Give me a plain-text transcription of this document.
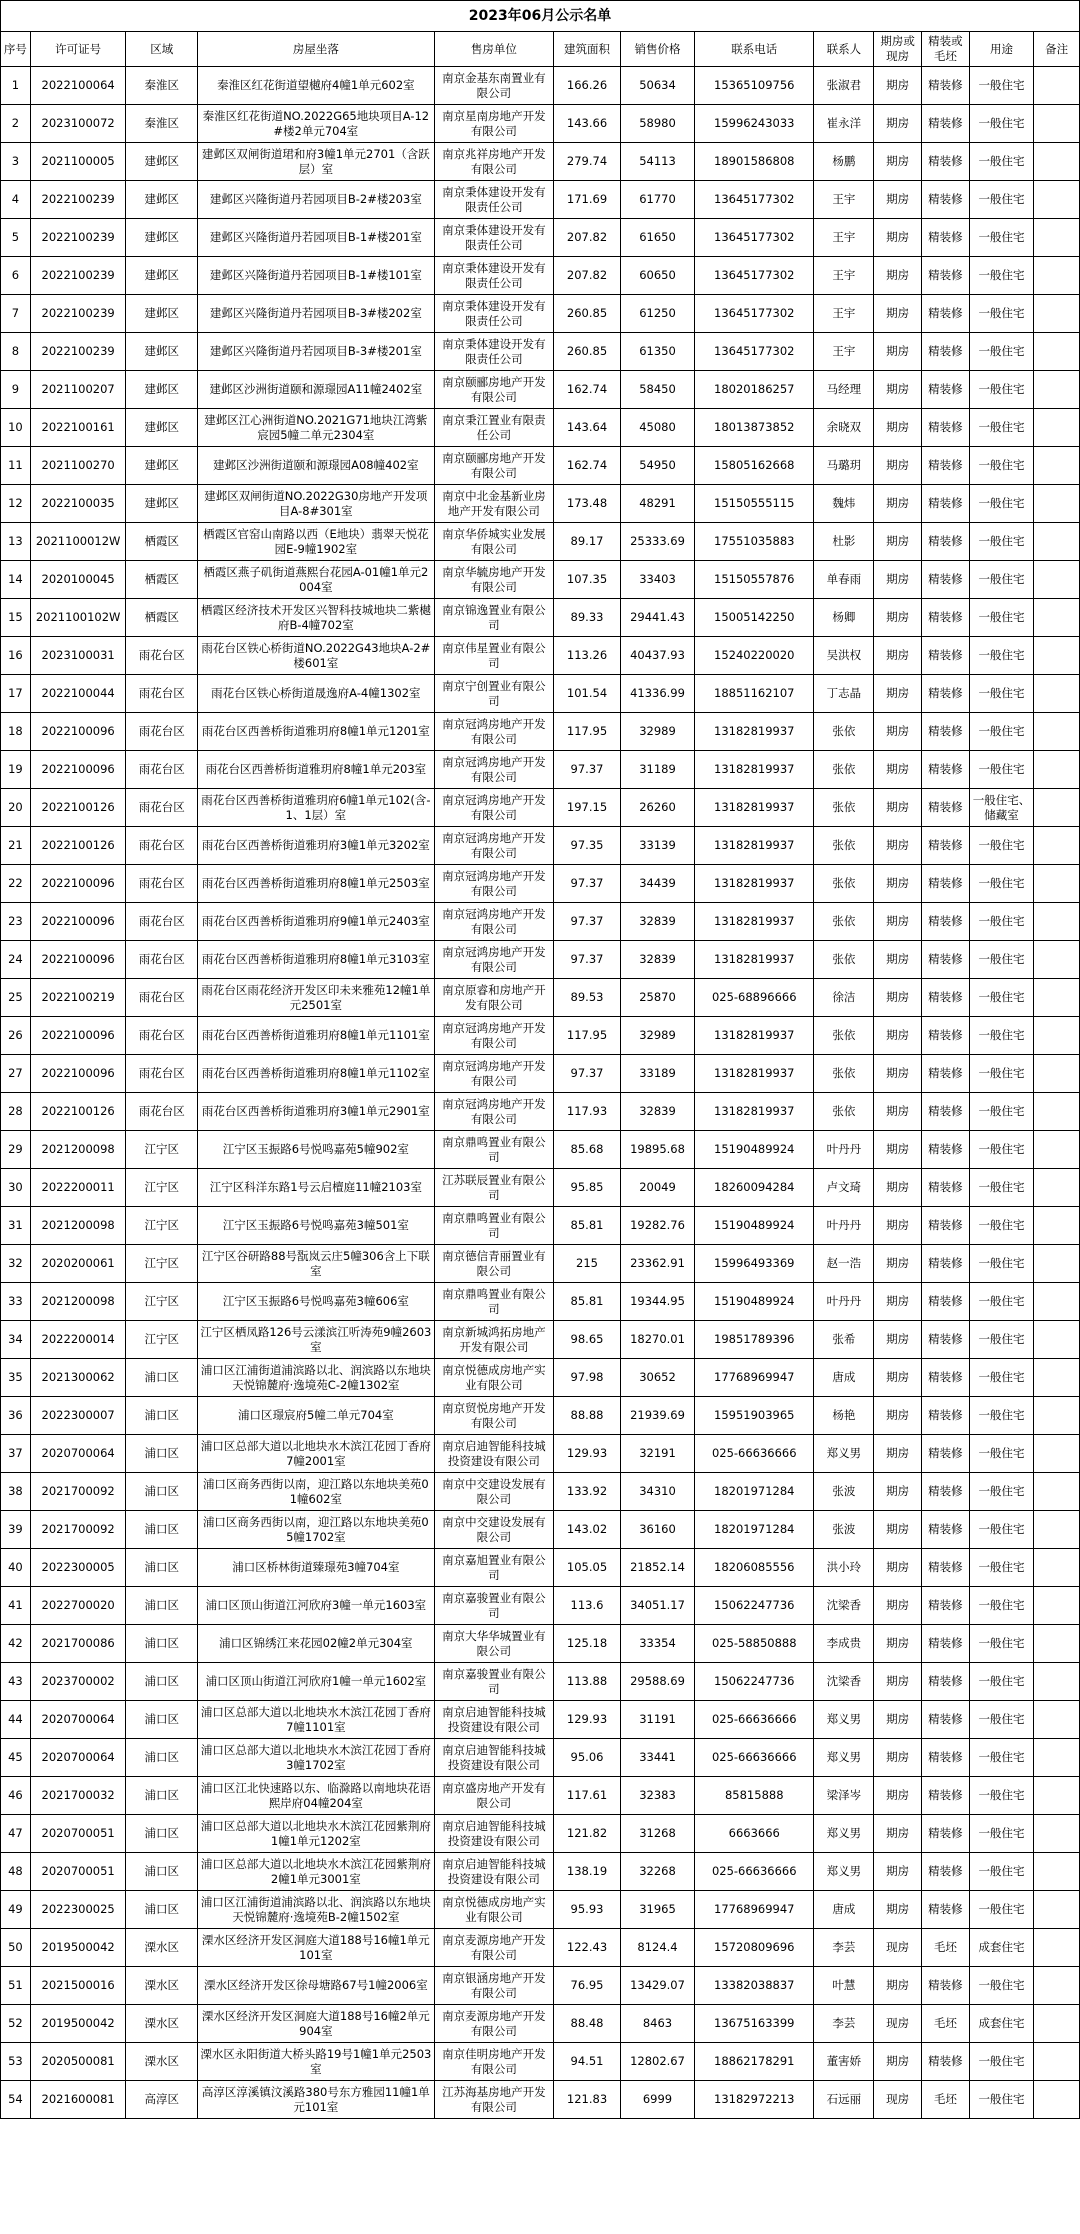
2023年06月公示名单												
序号	许可证号	区域	房屋坐落	售房单位	建筑面积	销售价格	联系电话	联系人	期房或现房	精装或毛坯	用途	备注
1	2022100064	秦淮区	秦淮区红花街道望樾府4幢1单元602室	南京金基东南置业有限公司	166.26	50634	15365109756	张淑君	期房	精装修	一般住宅	
2	2023100072	秦淮区	秦淮区红花街道NO.2022G65地块项目A-12#楼2单元704室	南京星南房地产开发有限公司	143.66	58980	15996243033	崔永洋	期房	精装修	一般住宅	
3	2021100005	建邺区	建邺区双闸街道珺和府3幢1单元2701（含跃层）室	南京兆祥房地产开发有限公司	279.74	54113	18901586808	杨鹏	期房	精装修	一般住宅	
4	2022100239	建邺区	建邺区兴隆街道丹若园项目B-2#楼203室	南京秉体建设开发有限责任公司	171.69	61770	13645177302	王宇	期房	精装修	一般住宅	
5	2022100239	建邺区	建邺区兴隆街道丹若园项目B-1#楼201室	南京秉体建设开发有限责任公司	207.82	61650	13645177302	王宇	期房	精装修	一般住宅	
6	2022100239	建邺区	建邺区兴隆街道丹若园项目B-1#楼101室	南京秉体建设开发有限责任公司	207.82	60650	13645177302	王宇	期房	精装修	一般住宅	
7	2022100239	建邺区	建邺区兴隆街道丹若园项目B-3#楼202室	南京秉体建设开发有限责任公司	260.85	61250	13645177302	王宇	期房	精装修	一般住宅	
8	2022100239	建邺区	建邺区兴隆街道丹若园项目B-3#楼201室	南京秉体建设开发有限责任公司	260.85	61350	13645177302	王宇	期房	精装修	一般住宅	
9	2021100207	建邺区	建邺区沙洲街道颐和源璟园A11幢2402室	南京颐郦房地产开发有限公司	162.74	58450	18020186257	马经理	期房	精装修	一般住宅	
10	2022100161	建邺区	建邺区江心洲街道NO.2021G71地块江湾紫宸园5幢二单元2304室	南京秉江置业有限责任公司	143.64	45080	18013873852	余晓双	期房	精装修	一般住宅	
11	2021100270	建邺区	建邺区沙洲街道颐和源璟园A08幢402室	南京颐郦房地产开发有限公司	162.74	54950	15805162668	马璐玥	期房	精装修	一般住宅	
12	2022100035	建邺区	建邺区双闸街道NO.2022G30房地产开发项目A-8#301室	南京中北金基新业房地产开发有限公司	173.48	48291	15150555115	魏炜	期房	精装修	一般住宅	
13	2021100012W	栖霞区	栖霞区官窑山南路以西（E地块）翡翠天悦花园E-9幢1902室	南京华侨城实业发展有限公司	89.17	25333.69	17551035883	杜影	期房	精装修	一般住宅	
14	2020100045	栖霞区	栖霞区燕子矶街道燕熙台花园A-01幢1单元2004室	南京华毓房地产开发有限公司	107.35	33403	15150557876	单春雨	期房	精装修	一般住宅	
15	2021100102W	栖霞区	栖霞区经济技术开发区兴智科技城地块二紫樾府B-4幢702室	南京锦逸置业有限公司	89.33	29441.43	15005142250	杨卿	期房	精装修	一般住宅	
16	2023100031	雨花台区	雨花台区铁心桥街道NO.2022G43地块A-2#楼601室	南京伟星置业有限公司	113.26	40437.93	15240220020	吴洪权	期房	精装修	一般住宅	
17	2022100044	雨花台区	雨花台区铁心桥街道晟逸府A-4幢1302室	南京宁创置业有限公司	101.54	41336.99	18851162107	丁志晶	期房	精装修	一般住宅	
18	2022100096	雨花台区	雨花台区西善桥街道雅玥府8幢1单元1201室	南京冠鸿房地产开发有限公司	117.95	32989	13182819937	张依	期房	精装修	一般住宅	
19	2022100096	雨花台区	雨花台区西善桥街道雅玥府8幢1单元203室	南京冠鸿房地产开发有限公司	97.37	31189	13182819937	张依	期房	精装修	一般住宅	
20	2022100126	雨花台区	雨花台区西善桥街道雅玥府6幢1单元102(含-1、1层）室	南京冠鸿房地产开发有限公司	197.15	26260	13182819937	张依	期房	精装修	一般住宅、储藏室	
21	2022100126	雨花台区	雨花台区西善桥街道雅玥府3幢1单元3202室	南京冠鸿房地产开发有限公司	97.35	33139	13182819937	张依	期房	精装修	一般住宅	
22	2022100096	雨花台区	雨花台区西善桥街道雅玥府8幢1单元2503室	南京冠鸿房地产开发有限公司	97.37	34439	13182819937	张依	期房	精装修	一般住宅	
23	2022100096	雨花台区	雨花台区西善桥街道雅玥府9幢1单元2403室	南京冠鸿房地产开发有限公司	97.37	32839	13182819937	张依	期房	精装修	一般住宅	
24	2022100096	雨花台区	雨花台区西善桥街道雅玥府8幢1单元3103室	南京冠鸿房地产开发有限公司	97.37	32839	13182819937	张依	期房	精装修	一般住宅	
25	2022100219	雨花台区	雨花台区雨花经济开发区印未来雅苑12幢1单元2501室	南京原睿和房地产开发有限公司	89.53	25870	025-68896666	徐洁	期房	精装修	一般住宅	
26	2022100096	雨花台区	雨花台区西善桥街道雅玥府8幢1单元1101室	南京冠鸿房地产开发有限公司	117.95	32989	13182819937	张依	期房	精装修	一般住宅	
27	2022100096	雨花台区	雨花台区西善桥街道雅玥府8幢1单元1102室	南京冠鸿房地产开发有限公司	97.37	33189	13182819937	张依	期房	精装修	一般住宅	
28	2022100126	雨花台区	雨花台区西善桥街道雅玥府3幢1单元2901室	南京冠鸿房地产开发有限公司	117.93	32839	13182819937	张依	期房	精装修	一般住宅	
29	2021200098	江宁区	江宁区玉振路6号悦鸣嘉苑5幢902室	南京鼎鸣置业有限公司	85.68	19895.68	15190489924	叶丹丹	期房	精装修	一般住宅	
30	2022200011	江宁区	江宁区科洋东路1号云启檀庭11幢2103室	江苏联辰置业有限公司	95.85	20049	18260094284	卢文琦	期房	精装修	一般住宅	
31	2021200098	江宁区	江宁区玉振路6号悦鸣嘉苑3幢501室	南京鼎鸣置业有限公司	85.81	19282.76	15190489924	叶丹丹	期房	精装修	一般住宅	
32	2020200061	江宁区	江宁区谷研路88号翫岚云庄5幢306含上下联室	南京德信青丽置业有限公司	215	23362.91	15996493369	赵一浩	期房	精装修	一般住宅	
33	2021200098	江宁区	江宁区玉振路6号悦鸣嘉苑3幢606室	南京鼎鸣置业有限公司	85.81	19344.95	15190489924	叶丹丹	期房	精装修	一般住宅	
34	2022200014	江宁区	江宁区栖凤路126号云漾滨江听涛苑9幢2603室	南京新城鸿拓房地产开发有限公司	98.65	18270.01	19851789396	张希	期房	精装修	一般住宅	
35	2021300062	浦口区	浦口区江浦街道浦滨路以北、润滨路以东地块天悦锦麓府·逸境苑C-2幢1302室	南京悦德成房地产实业有限公司	97.98	30652	17768969947	唐成	期房	精装修	一般住宅	
36	2022300007	浦口区	浦口区璟宸府5幢二单元704室	南京贸悦房地产开发有限公司	88.88	21939.69	15951903965	杨艳	期房	精装修	一般住宅	
37	2020700064	浦口区	浦口区总部大道以北地块水木滨江花园丁香府7幢2001室	南京启迪智能科技城投资建设有限公司	129.93	32191	025-66636666	郑义男	期房	精装修	一般住宅	
38	2021700092	浦口区	浦口区商务西街以南，迎江路以东地块美苑01幢602室	南京中交建设发展有限公司	133.92	34310	18201971284	张波	期房	精装修	一般住宅	
39	2021700092	浦口区	浦口区商务西街以南，迎江路以东地块美苑05幢1702室	南京中交建设发展有限公司	143.02	36160	18201971284	张波	期房	精装修	一般住宅	
40	2022300005	浦口区	浦口区桥林街道臻璟苑3幢704室	南京嘉旭置业有限公司	105.05	21852.14	18206085556	洪小玲	期房	精装修	一般住宅	
41	2022700020	浦口区	浦口区顶山街道江河欣府3幢一单元1603室	南京嘉骏置业有限公司	113.6	34051.17	15062247736	沈梁香	期房	精装修	一般住宅	
42	2021700086	浦口区	浦口区锦绣江来花园02幢2单元304室	南京大华华城置业有限公司	125.18	33354	025-58850888	李成贵	期房	精装修	一般住宅	
43	2023700002	浦口区	浦口区顶山街道江河欣府1幢一单元1602室	南京嘉骏置业有限公司	113.88	29588.69	15062247736	沈梁香	期房	精装修	一般住宅	
44	2020700064	浦口区	浦口区总部大道以北地块水木滨江花园丁香府7幢1101室	南京启迪智能科技城投资建设有限公司	129.93	31191	025-66636666	郑义男	期房	精装修	一般住宅	
45	2020700064	浦口区	浦口区总部大道以北地块水木滨江花园丁香府3幢1702室	南京启迪智能科技城投资建设有限公司	95.06	33441	025-66636666	郑义男	期房	精装修	一般住宅	
46	2021700032	浦口区	浦口区江北快速路以东、临滁路以南地块花语熙岸府04幢204室	南京盛房地产开发有限公司	117.61	32383	85815888	梁泽岑	期房	精装修	一般住宅	
47	2020700051	浦口区	浦口区总部大道以北地块水木滨江花园紫荆府1幢1单元1202室	南京启迪智能科技城投资建设有限公司	121.82	31268	6663666	郑义男	期房	精装修	一般住宅	
48	2020700051	浦口区	浦口区总部大道以北地块水木滨江花园紫荆府2幢1单元3001室	南京启迪智能科技城投资建设有限公司	138.19	32268	025-66636666	郑义男	期房	精装修	一般住宅	
49	2022300025	浦口区	浦口区江浦街道浦滨路以北、润滨路以东地块天悦锦麓府·逸境苑B-2幢1502室	南京悦德成房地产实业有限公司	95.93	31965	17768969947	唐成	期房	精装修	一般住宅	
50	2019500042	溧水区	溧水区经济开发区洞庭大道188号16幢1单元101室	南京麦源房地产开发有限公司	122.43	8124.4	15720809696	李芸	现房	毛坯	成套住宅	
51	2021500016	溧水区	溧水区经济开发区徐母塘路67号1幢2006室	南京银涵房地产开发有限公司	76.95	13429.07	13382038837	叶慧	期房	精装修	一般住宅	
52	2019500042	溧水区	溧水区经济开发区洞庭大道188号16幢2单元904室	南京麦源房地产开发有限公司	88.48	8463	13675163399	李芸	现房	毛坯	成套住宅	
53	2020500081	溧水区	溧水区永阳街道大桥头路19号1幢1单元2503室	南京佳明房地产开发有限公司	94.51	12802.67	18862178291	董害娇	期房	精装修	一般住宅	
54	2021600081	高淳区	高淳区淳溪镇汶溪路380号东方雅园11幢1单元101室	江苏海基房地产开发有限公司	121.83	6999	13182972213	石远丽	现房	毛坯	一般住宅	
